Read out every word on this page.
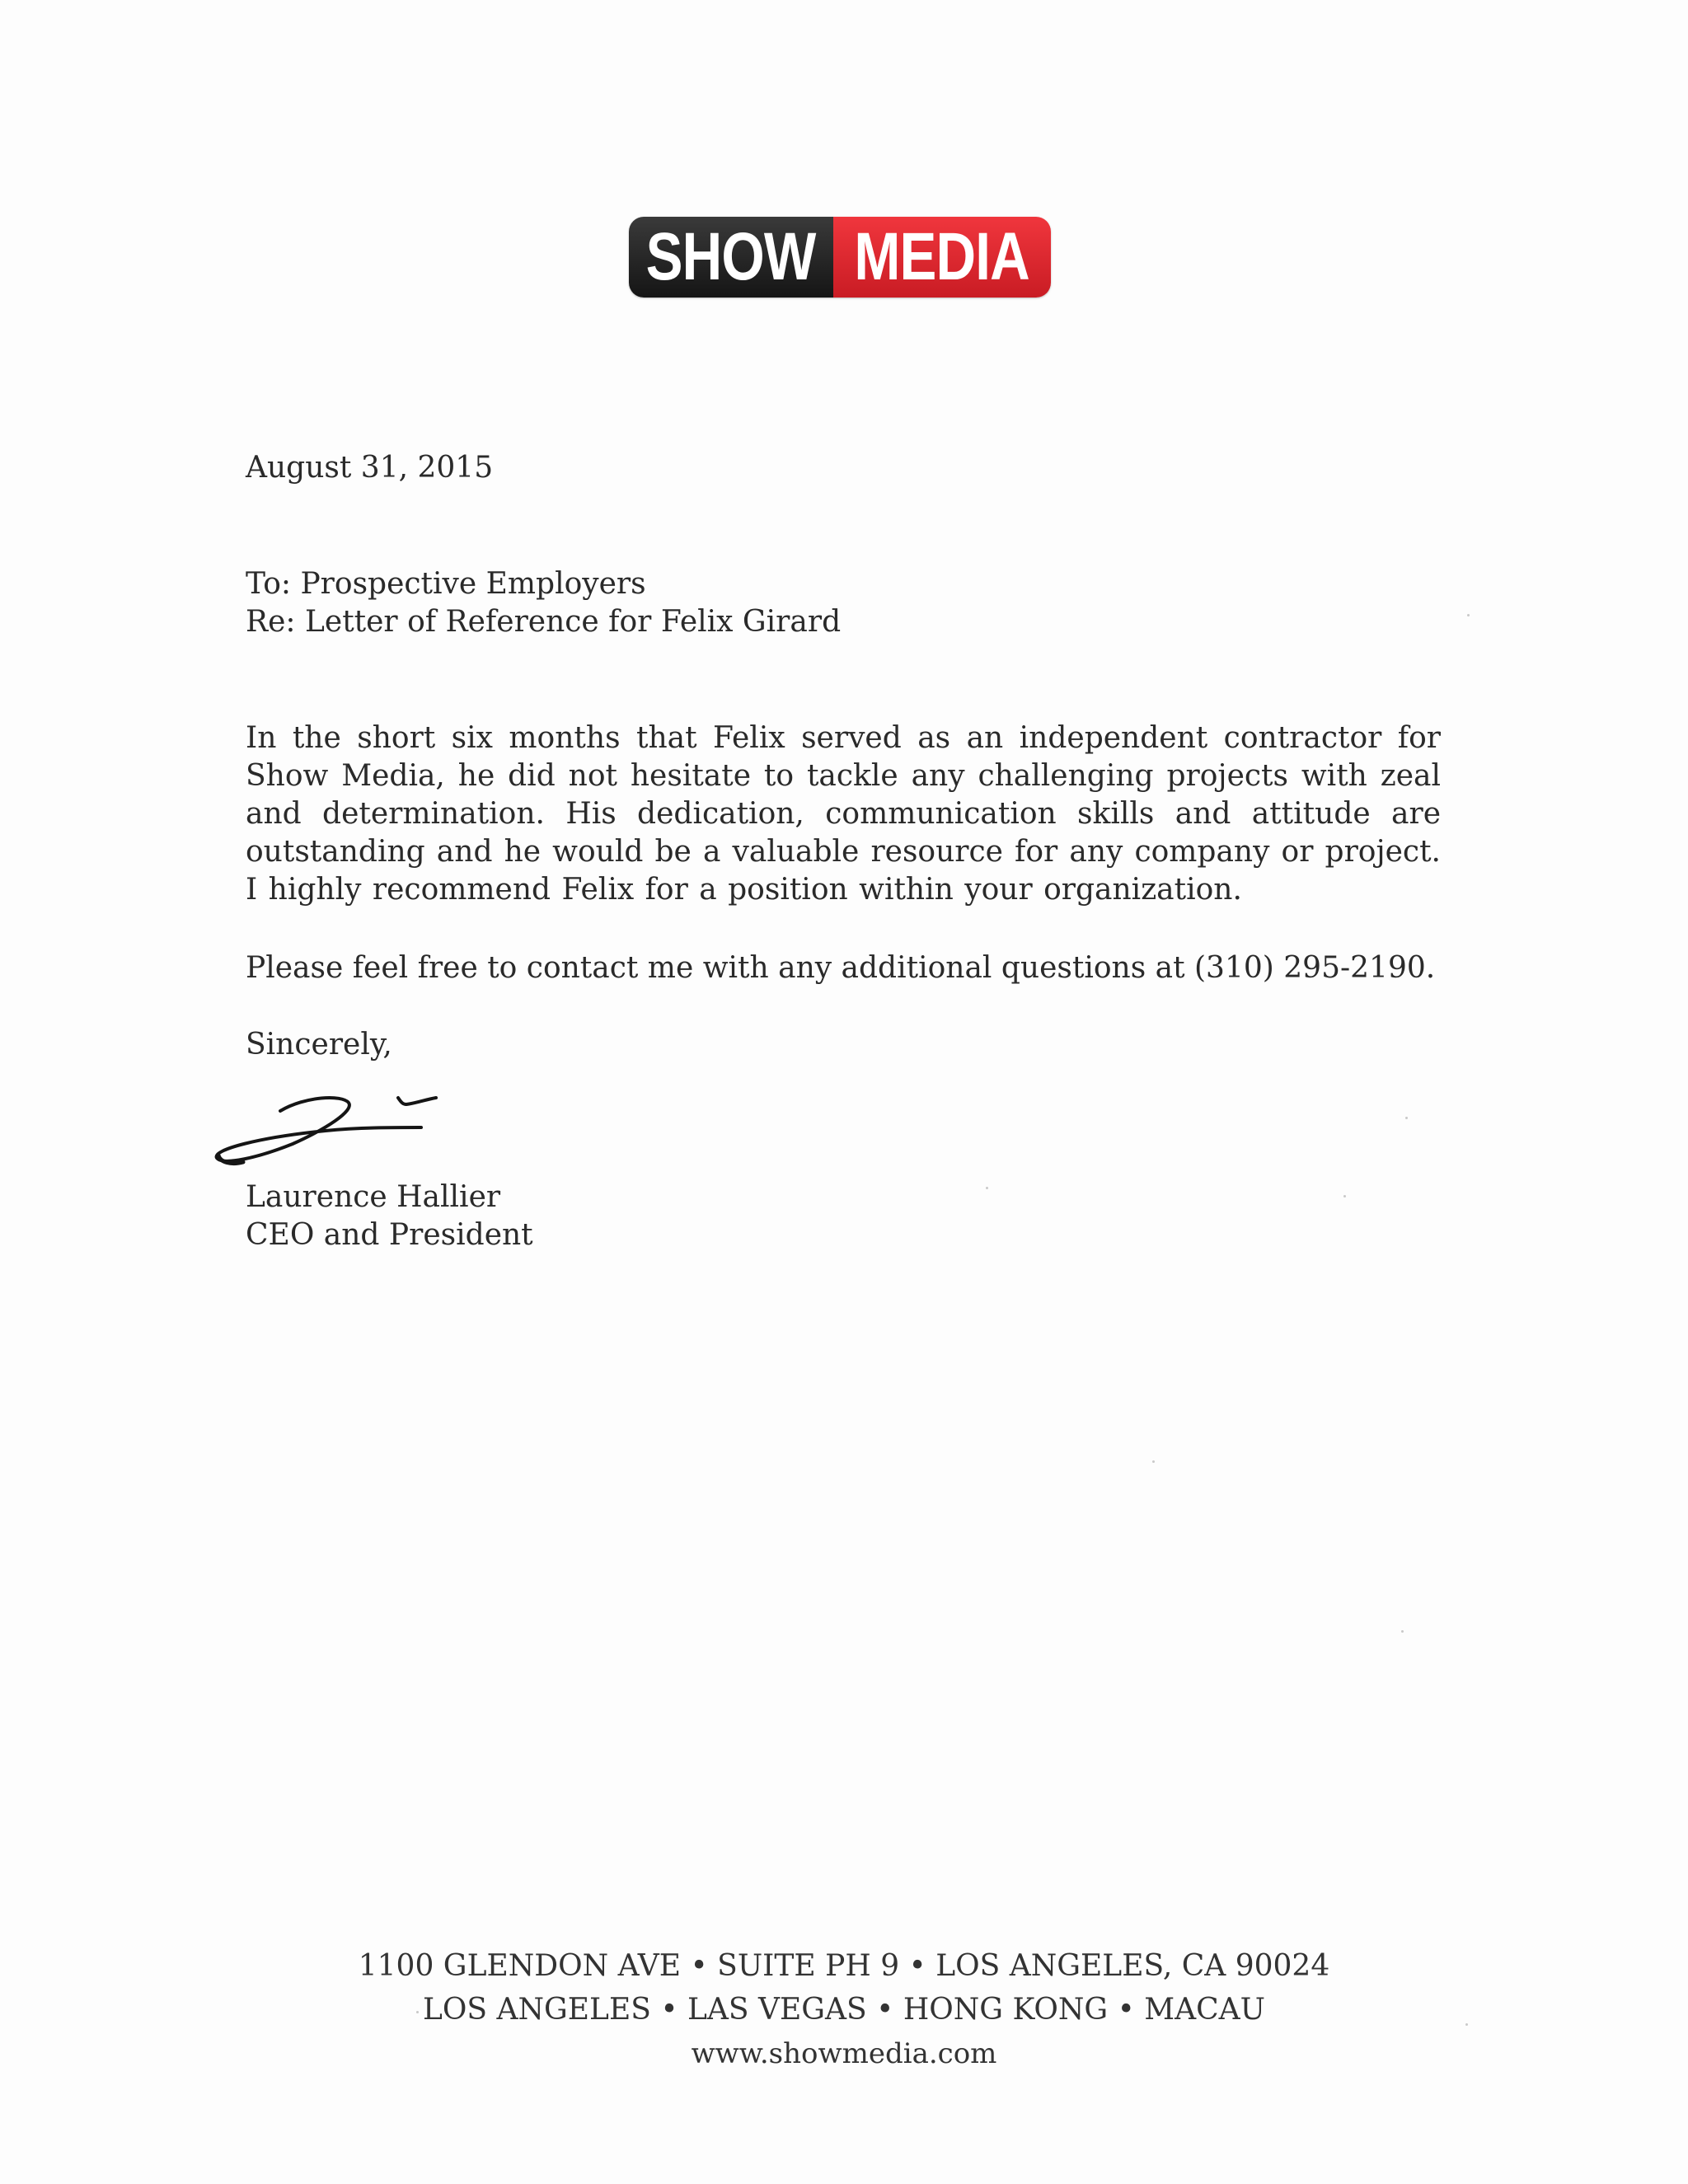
SHOW MEDIA
August 31, 2015
To: Prospective Employers
Re: Letter of Reference for Felix Girard
In the short six months that Felix served as an independent contractor for Show Media, he did not hesitate to tackle any challenging projects with zeal and determination. His dedication, communication skills and attitude are outstanding and he would be a valuable resource for any company or project. I highly recommend Felix for a position within your organization.
Please feel free to contact me with any additional questions at (310) 295-2190.
Sincerely,
Laurence Hallier
CEO and President
1100 GLENDON AVE • SUITE PH 9 • LOS ANGELES, CA 90024
LOS ANGELES • LAS VEGAS • HONG KONG • MACAU
www.showmedia.com
